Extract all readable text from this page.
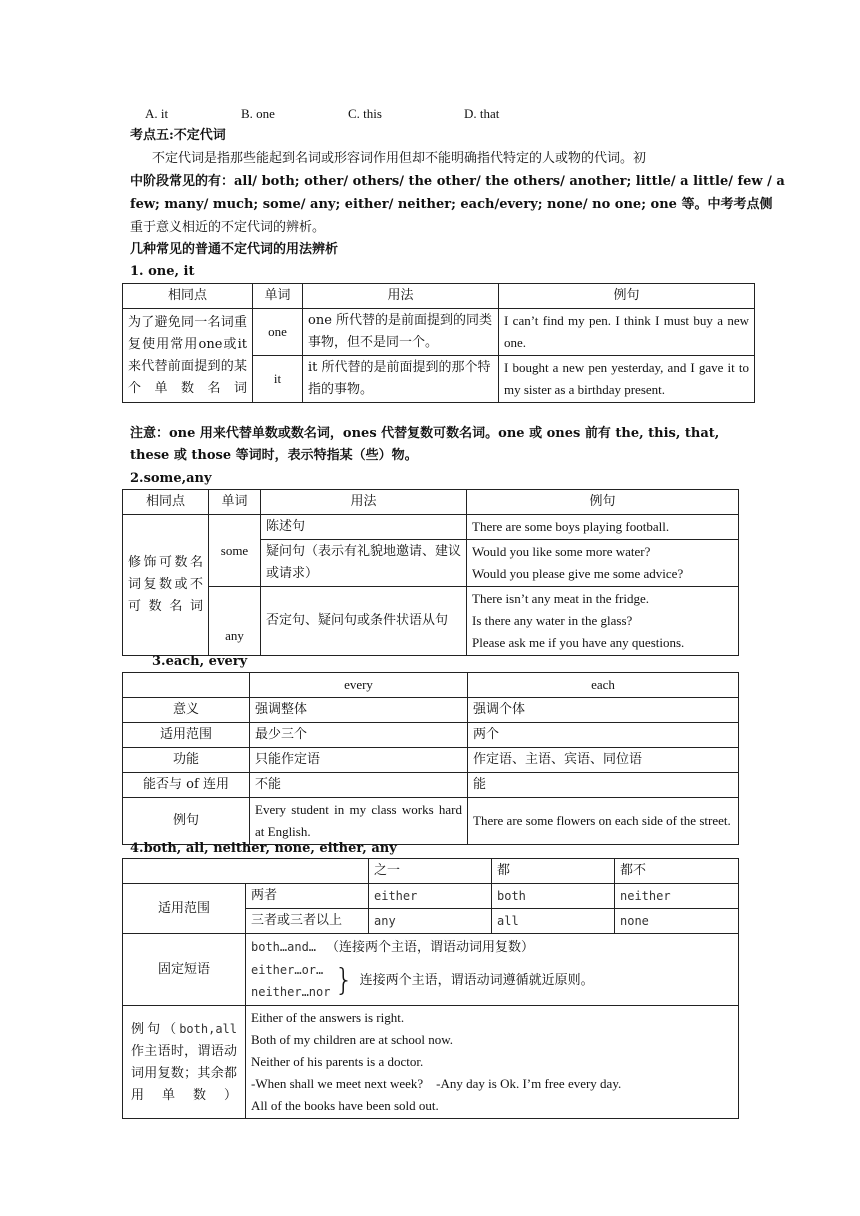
A. it	B. one	C. this	D. that
考点五:不定代词
不定代词是指那些能起到名词或形容词作用但却不能明确指代特定的人或物的代词。初
中阶段常见的有：all/ both; other/ others/ the other/ the others/ another; little/ a little/ few / a
few; many/ much; some/ any; either/ neither; each/every; none/ no one; one 等。中考考点侧
重于意义相近的不定代词的辨析。
几种常见的普通不定代词的用法辨析
1. one, it
相同点	单词	用法	例句
为了避免同一名词重复使用常用one或it来代替前面提到的某个单数名词	one	one 所代替的是前面提到的同类事物，但不是同一个。	I can’t find my pen. I think I must buy a new one.
	it	it 所代替的是前面提到的那个特指的事物。	I bought a new pen yesterday, and I gave it to my sister as a birthday present.
注意：one 用来代替单数或数名词，ones 代替复数可数名词。one 或 ones 前有 the, this, that,
these 或 those 等词时，表示特指某（些）物。
2.some,any
相同点	单词	用法	例句
修饰可数名词复数或不可数名词	some	陈述句	There are some boys playing football.
		疑问句（表示有礼貌地邀请、建议或请求）	Would you like some more water?
Would you please give me some advice?

	any	否定句、疑问句或条件状语从句	There isn’t any meat in the fridge.
Is there any water in the glass?
Please ask me if you have any questions.
3.each, every
	every	each
意义	强调整体	强调个体
适用范围	最少三个	两个
功能	只能作定语	作定语、主语、宾语、同位语
能否与 of 连用	不能	能
例句	Every student in my class works hard at English.	There are some flowers on each side of the street.
4.both, all, neither, none, either, any
		之一	都	都不
适用范围	两者	either	both	neither
	三者或三者以上	any	all	none
固定短语	both…and… （连接两个主语，谓语动词用复数）
either…or…
neither…nor } 连接两个主语，谓语动词遵循就近原则。			

例句（both,all作主语时，谓语动词用复数；其余都用单数）	Either of the answers is right.
Both of my children are at school now.
Neither of his parents is a doctor.
-When shall we meet next week?    -Any day is Ok. I’m free every day.
All of the books have been sold out.			
